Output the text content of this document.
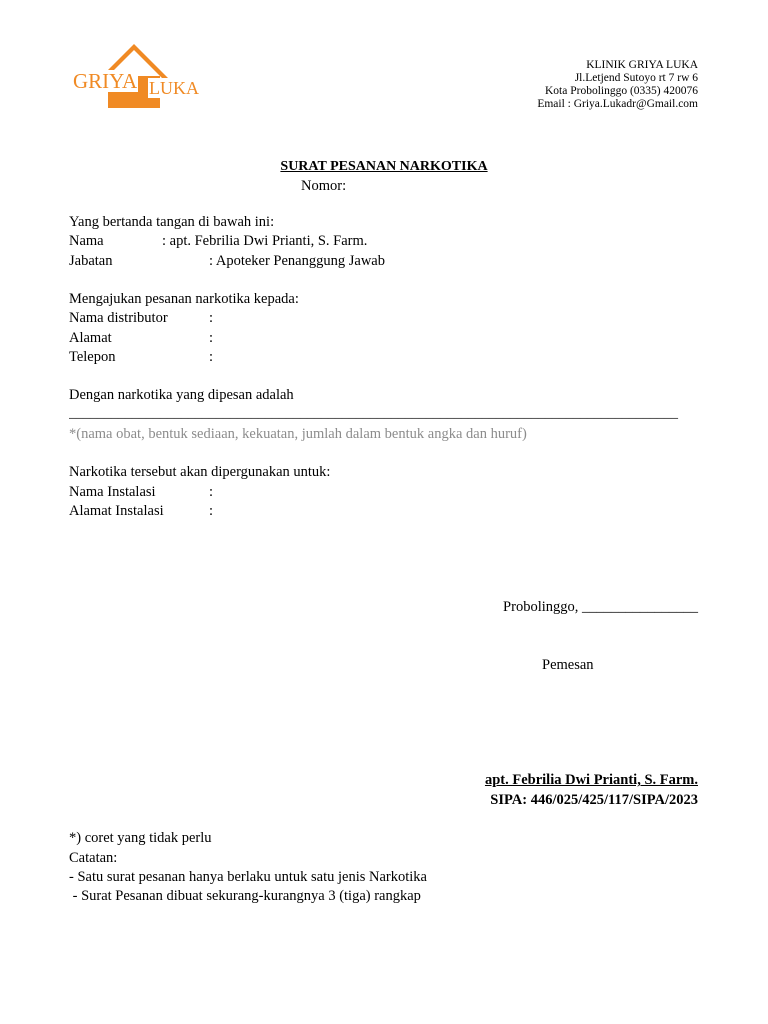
GRIYA LUKA
KLINIK GRIYA LUKA
Jl.Letjend Sutoyo rt 7 rw 6
Kota Probolinggo (0335) 420076
Email : Griya.Lukadr@Gmail.com
SURAT PESANAN NARKOTIKA
Nomor:
Yang bertanda tangan di bawah ini:
Nama	: apt. Febrilia Dwi Prianti, S. Farm.
Jabatan	: Apoteker Penanggung Jawab
Mengajukan pesanan narkotika kepada:
Nama distributor	:
Alamat	:
Telepon	:
Dengan narkotika yang dipesan adalah
_______________________________________________________________________________________
*(nama obat, bentuk sediaan, kekuatan, jumlah dalam bentuk angka dan huruf)
Narkotika tersebut akan dipergunakan untuk:
Nama Instalasi	:
Alamat Instalasi	:
Probolinggo, ________________
Pemesan
apt. Febrilia Dwi Prianti, S. Farm.
SIPA: 446/025/425/117/SIPA/2023
*) coret yang tidak perlu
Catatan:
- Satu surat pesanan hanya berlaku untuk satu jenis Narkotika
- Surat Pesanan dibuat sekurang-kurangnya 3 (tiga) rangkap
